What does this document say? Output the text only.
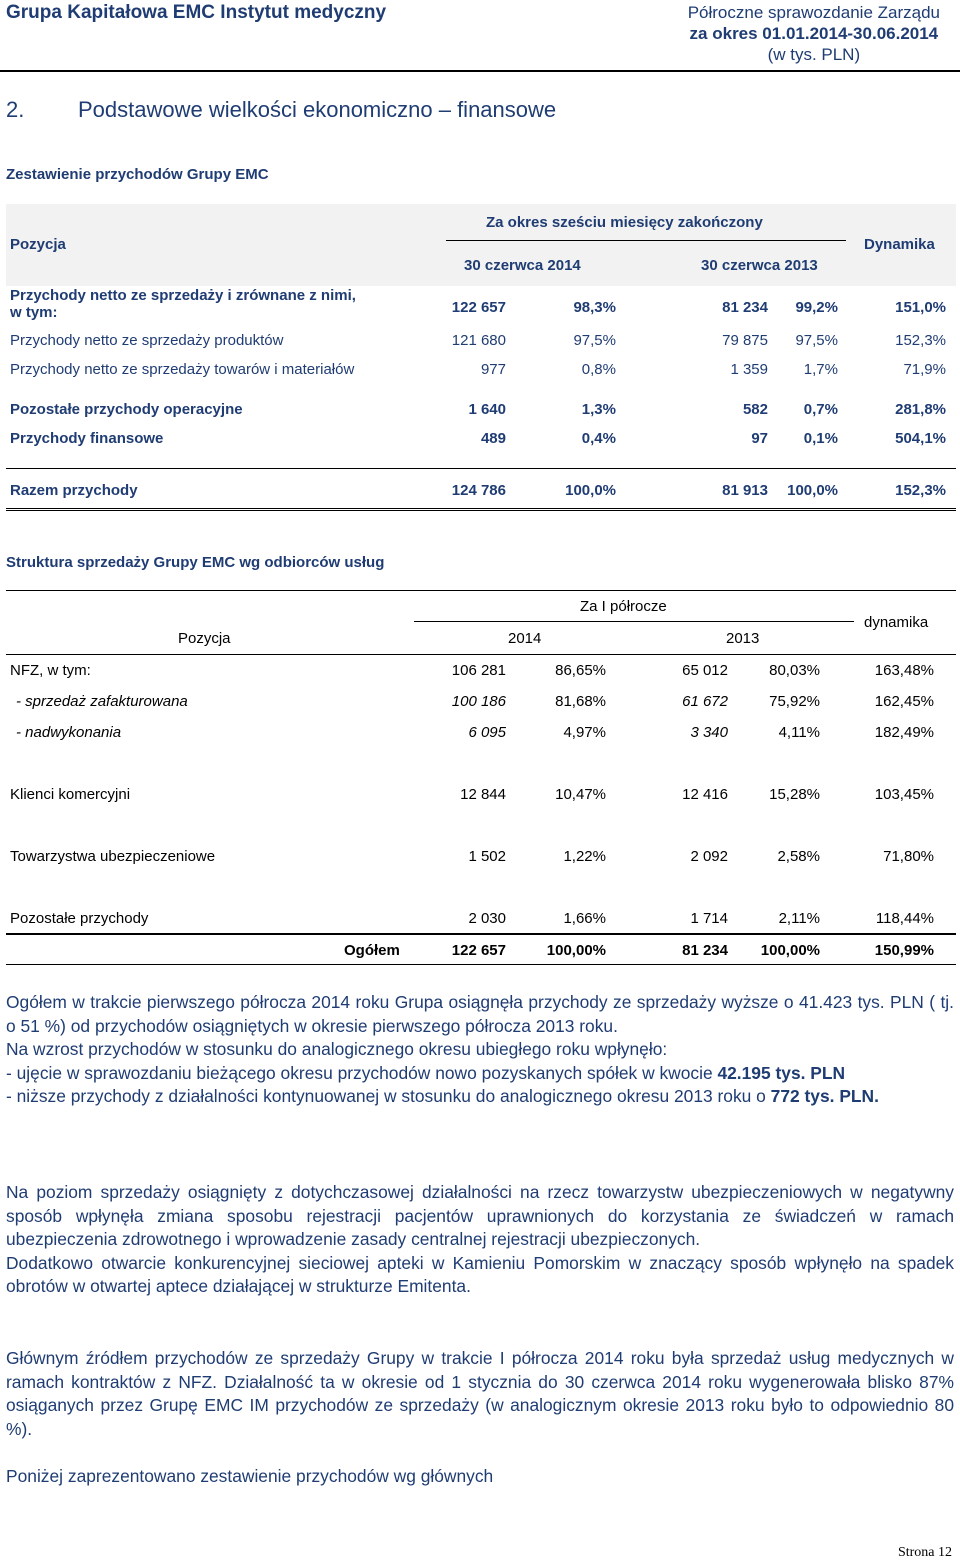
Grupa Kapitałowa EMC Instytut medyczny	Półroczne sprawozdanie Zarządu
za okres 01.01.2014-30.06.2014
(w tys. PLN)
2. Podstawowe wielkości ekonomiczno – finansowe
Zestawienie przychodów Grupy EMC
Pozycja
Za okres sześciu miesięcy zakończony
30 czerwca 2014	30 czerwca 2013
Dynamika
Przychody netto ze sprzedaży i zrównane z nimi,
w tym:	122 657	98,3%	81 234	99,2%	151,0%
Przychody netto ze sprzedaży produktów	121 680	97,5%	79 875	97,5%	152,3%
Przychody netto ze sprzedaży towarów i materiałów	977	0,8%	1 359	1,7%	71,9%
Pozostałe przychody operacyjne	1 640	1,3%	582	0,7%	281,8%
Przychody finansowe	489	0,4%	97	0,1%	504,1%
Razem przychody	124 786	100,0%	81 913	100,0%	152,3%
Struktura sprzedaży Grupy EMC wg odbiorców usług
Za I półrocze
Pozycja	2014	2013
dynamika
NFZ, w tym:	106 281	86,65%	65 012	80,03%	163,48%
- sprzedaż zafakturowana	100 186	81,68%	61 672	75,92%	162,45%
- nadwykonania	6 095	4,97%	3 340	4,11%	182,49%
Klienci komercyjni	12 844	10,47%	12 416	15,28%	103,45%
Towarzystwa ubezpieczeniowe	1 502	1,22%	2 092	2,58%	71,80%
Pozostałe przychody	2 030	1,66%	1 714	2,11%	118,44%
Ogółem	122 657	100,00%	81 234	100,00%	150,99%

Ogółem w trakcie pierwszego półrocza 2014 roku Grupa osiągnęła przychody ze sprzedaży wyższe o 41.423 tys. PLN ( tj. o 51 %) od przychodów osiągniętych w okresie pierwszego półrocza 2013 roku.

Na wzrost przychodów w stosunku do analogicznego okresu ubiegłego roku wpłynęło:

- ujęcie w sprawozdaniu bieżącego okresu przychodów nowo pozyskanych spółek w kwocie 42.195 tys. PLN

- niższe przychody z działalności kontynuowanej w stosunku do analogicznego okresu 2013 roku o 772 tys. PLN.

Na poziom sprzedaży osiągnięty z dotychczasowej działalności na rzecz towarzystw ubezpieczeniowych w negatywny sposób wpłynęła zmiana sposobu rejestracji pacjentów uprawnionych do korzystania ze świadczeń w ramach ubezpieczenia zdrowotnego i wprowadzenie zasady centralnej rejestracji ubezpieczonych.

Dodatkowo otwarcie konkurencyjnej sieciowej apteki w Kamieniu Pomorskim w znaczący sposób wpłynęło na spadek obrotów w otwartej aptece działającej w strukturze Emitenta.

Głównym źródłem przychodów ze sprzedaży Grupy w trakcie I półrocza 2014 roku była sprzedaż usług medycznych w ramach kontraktów z NFZ. Działalność ta w okresie od 1 stycznia do 30 czerwca 2014 roku wygenerowała blisko 87% osiąganych przez Grupę EMC IM przychodów ze sprzedaży (w analogicznym okresie 2013 roku było to odpowiednio 80 %).

Poniżej zaprezentowano zestawienie przychodów wg głównych

Strona 12
